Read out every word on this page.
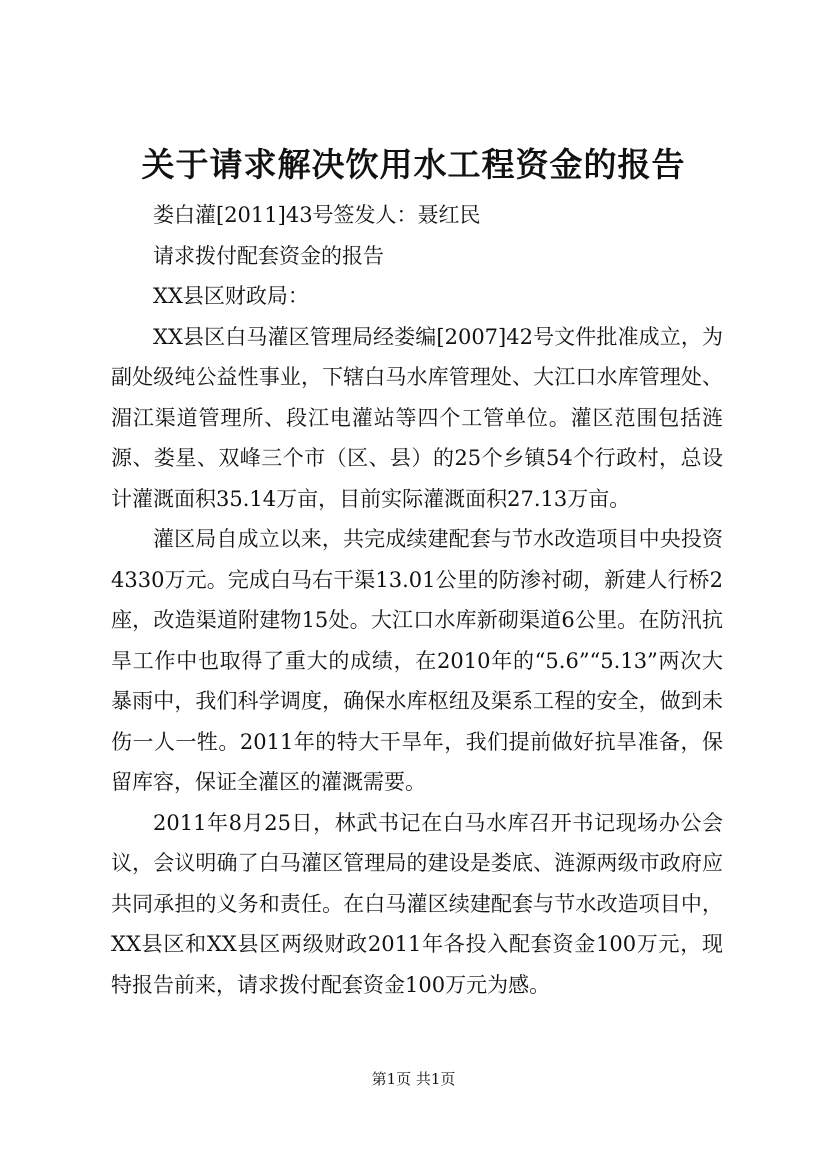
关于请求解决饮用水工程资金的报告

娄白灌[2011]43号签发人：聂红民

请求拨付配套资金的报告

XX县区财政局：

XX县区白马灌区管理局经娄编[2007]42号文件批准成立，为副处级纯公益性事业，下辖白马水库管理处、大江口水库管理处、湄江渠道管理所、段江电灌站等四个工管单位。灌区范围包括涟源、娄星、双峰三个市（区、县）的25个乡镇54个行政村，总设计灌溉面积35.14万亩，目前实际灌溉面积27.13万亩。

灌区局自成立以来，共完成续建配套与节水改造项目中央投资4330万元。完成白马右干渠13.01公里的防渗衬砌，新建人行桥2座，改造渠道附建物15处。大江口水库新砌渠道6公里。在防汛抗旱工作中也取得了重大的成绩，在2010年的“5.6”“5.13”两次大暴雨中，我们科学调度，确保水库枢纽及渠系工程的安全，做到未伤一人一牲。2011年的特大干旱年，我们提前做好抗旱准备，保留库容，保证全灌区的灌溉需要。

2011年8月25日，林武书记在白马水库召开书记现场办公会议，会议明确了白马灌区管理局的建设是娄底、涟源两级市政府应共同承担的义务和责任。在白马灌区续建配套与节水改造项目中，XX县区和XX县区两级财政2011年各投入配套资金100万元，现特报告前来，请求拨付配套资金100万元为感。

第1页 共1页
